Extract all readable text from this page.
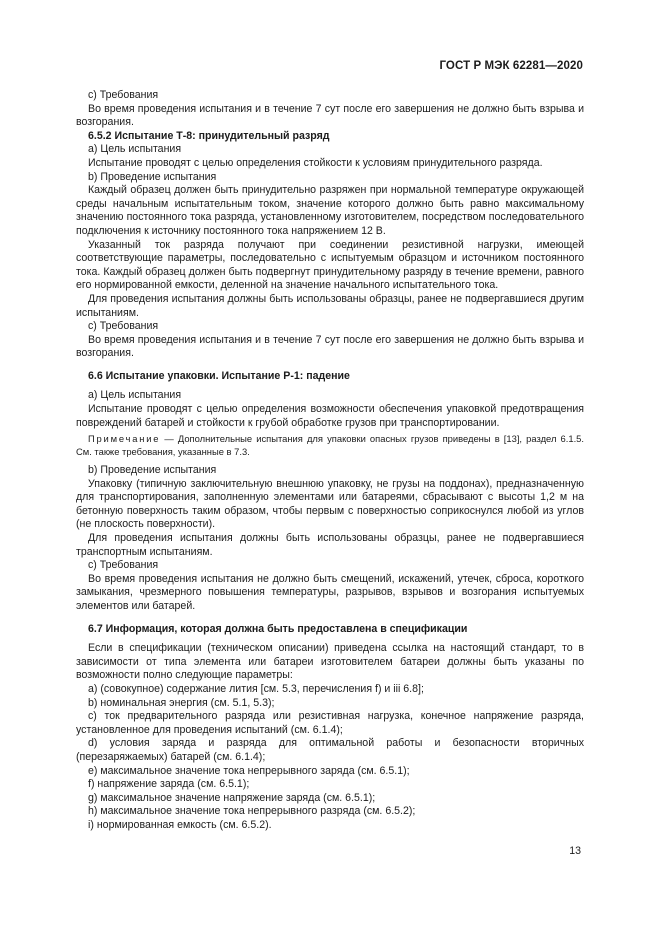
ГОСТ Р МЭК 62281—2020

c) Требования

Во время проведения испытания и в течение 7 сут после его завершения не должно быть взрыва и возгорания.

6.5.2 Испытание Т-8: принудительный разряд

a) Цель испытания

Испытание проводят с целью определения стойкости к условиям принудительного разряда.

b) Проведение испытания

Каждый образец должен быть принудительно разряжен при нормальной температуре окружающей среды начальным испытательным током, значение которого должно быть равно максимальному значению постоянного тока разряда, установленному изготовителем, посредством последовательного подключения к источнику постоянного тока напряжением 12 В.

Указанный ток разряда получают при соединении резистивной нагрузки, имеющей соответствующие параметры, последовательно с испытуемым образцом и источником постоянного тока. Каждый образец должен быть подвергнут принудительному разряду в течение времени, равного его нормированной емкости, деленной на значение начального испытательного тока.

Для проведения испытания должны быть использованы образцы, ранее не подвергавшиеся другим испытаниям.

c) Требования

Во время проведения испытания и в течение 7 сут после его завершения не должно быть взрыва и возгорания.

6.6 Испытание упаковки. Испытание Р-1: падение

a) Цель испытания

Испытание проводят с целью определения возможности обеспечения упаковкой предотвращения повреждений батарей и стойкости к грубой обработке грузов при транспортировании.

Примечание — Дополнительные испытания для упаковки опасных грузов приведены в [13], раздел 6.1.5. См. также требования, указанные в 7.3.

b) Проведение испытания

Упаковку (типичную заключительную внешнюю упаковку, не грузы на поддонах), предназначенную для транспортирования, заполненную элементами или батареями, сбрасывают с высоты 1,2 м на бетонную поверхность таким образом, чтобы первым с поверхностью соприкоснулся любой из углов (не плоскость поверхности).

Для проведения испытания должны быть использованы образцы, ранее не подвергавшиеся транспортным испытаниям.

c) Требования

Во время проведения испытания не должно быть смещений, искажений, утечек, сброса, короткого замыкания, чрезмерного повышения температуры, разрывов, взрывов и возгорания испытуемых элементов или батарей.

6.7 Информация, которая должна быть предоставлена в спецификации

Если в спецификации (техническом описании) приведена ссылка на настоящий стандарт, то в зависимости от типа элемента или батареи изготовителем батареи должны быть указаны по возможности полно следующие параметры:

a) (совокупное) содержание лития [см. 5.3, перечисления f) и iii 6.8];

b) номинальная энергия (см. 5.1, 5.3);

c) ток предварительного разряда или резистивная нагрузка, конечное напряжение разряда, установленное для проведения испытаний (см. 6.1.4);

d) условия заряда и разряда для оптимальной работы и безопасности вторичных (перезаряжаемых) батарей (см. 6.1.4);

e) максимальное значение тока непрерывного заряда (см. 6.5.1);

f) напряжение заряда (см. 6.5.1);

g) максимальное значение напряжение заряда (см. 6.5.1);

h) максимальное значение тока непрерывного разряда (см. 6.5.2);

i) нормированная емкость (см. 6.5.2).

13
